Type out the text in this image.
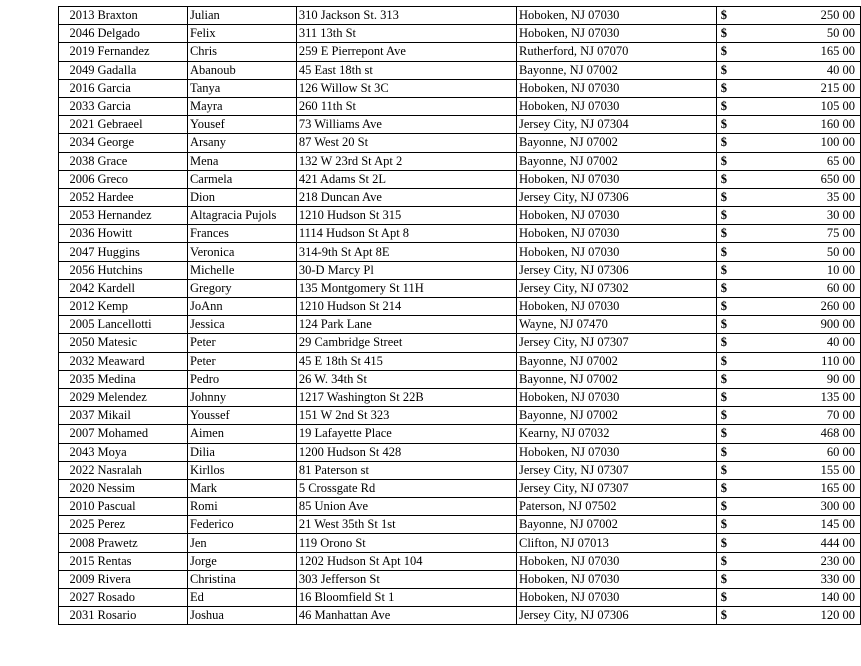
2013	Braxton	Julian	310 Jackson St. 313	Hoboken, NJ 07030	$	250 00
2046	Delgado	Felix	311 13th St	Hoboken, NJ 07030	$	50 00
2019	Fernandez	Chris	259 E Pierrepont Ave	Rutherford, NJ 07070	$	165 00
2049	Gadalla	Abanoub	45 East 18th st	Bayonne, NJ 07002	$	40 00
2016	Garcia	Tanya	126 Willow St 3C	Hoboken, NJ 07030	$	215 00
2033	Garcia	Mayra	260 11th St	Hoboken, NJ 07030	$	105 00
2021	Gebraeel	Yousef	73 Williams Ave	Jersey City, NJ 07304	$	160 00
2034	George	Arsany	87 West 20 St	Bayonne, NJ 07002	$	100 00
2038	Grace	Mena	132 W 23rd St Apt 2	Bayonne, NJ 07002	$	65 00
2006	Greco	Carmela	421 Adams St 2L	Hoboken, NJ 07030	$	650 00
2052	Hardee	Dion	218 Duncan Ave	Jersey City, NJ 07306	$	35 00
2053	Hernandez	Altagracia Pujols	1210 Hudson St 315	Hoboken, NJ 07030	$	30 00
2036	Howitt	Frances	1114 Hudson St Apt 8	Hoboken, NJ 07030	$	75 00
2047	Huggins	Veronica	314-9th St Apt 8E	Hoboken, NJ 07030	$	50 00
2056	Hutchins	Michelle	30-D Marcy Pl	Jersey City, NJ 07306	$	10 00
2042	Kardell	Gregory	135 Montgomery St 11H	Jersey City, NJ 07302	$	60 00
2012	Kemp	JoAnn	1210 Hudson St 214	Hoboken, NJ 07030	$	260 00
2005	Lancellotti	Jessica	124 Park Lane	Wayne, NJ 07470	$	900 00
2050	Matesic	Peter	29 Cambridge Street	Jersey City, NJ 07307	$	40 00
2032	Meaward	Peter	45 E 18th St 415	Bayonne, NJ 07002	$	110 00
2035	Medina	Pedro	26 W. 34th St	Bayonne, NJ 07002	$	90 00
2029	Melendez	Johnny	1217 Washington St 22B	Hoboken, NJ 07030	$	135 00
2037	Mikail	Youssef	151 W 2nd St 323	Bayonne, NJ 07002	$	70 00
2007	Mohamed	Aimen	19 Lafayette Place	Kearny, NJ 07032	$	468 00
2043	Moya	Dilia	1200 Hudson St 428	Hoboken, NJ 07030	$	60 00
2022	Nasralah	Kirllos	81 Paterson st	Jersey City, NJ 07307	$	155 00
2020	Nessim	Mark	5 Crossgate Rd	Jersey City, NJ 07307	$	165 00
2010	Pascual	Romi	85 Union Ave	Paterson, NJ 07502	$	300 00
2025	Perez	Federico	21 West 35th St 1st	Bayonne, NJ 07002	$	145 00
2008	Prawetz	Jen	119 Orono St	Clifton, NJ 07013	$	444 00
2015	Rentas	Jorge	1202 Hudson St Apt 104	Hoboken, NJ 07030	$	230 00
2009	Rivera	Christina	303 Jefferson St	Hoboken, NJ 07030	$	330 00
2027	Rosado	Ed	16 Bloomfield St 1	Hoboken, NJ 07030	$	140 00
2031	Rosario	Joshua	46 Manhattan Ave	Jersey City, NJ 07306	$	120 00
